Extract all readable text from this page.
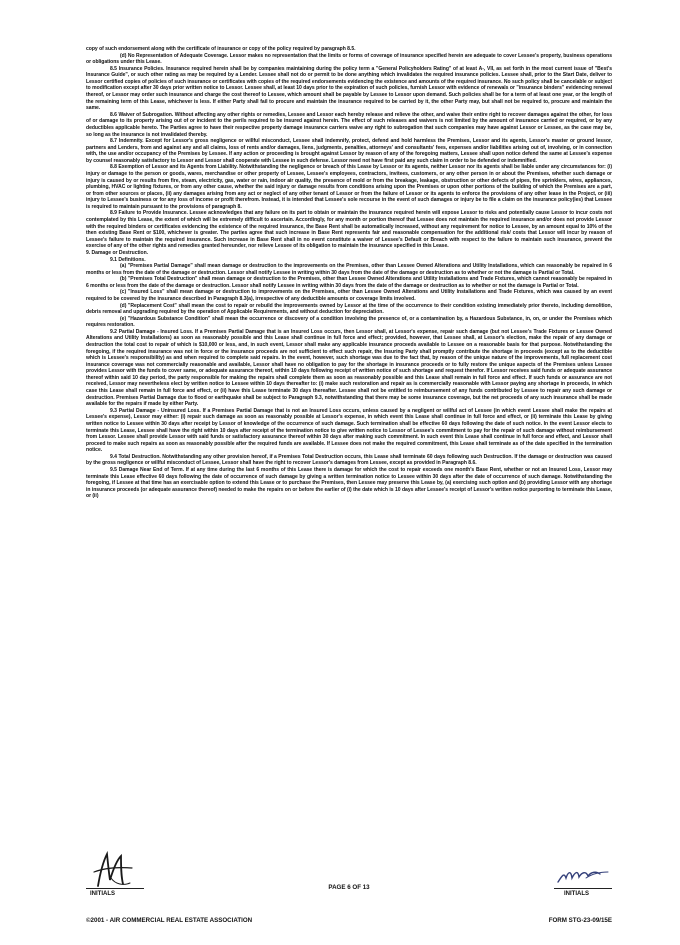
copy of such endorsement along with the certificate of insurance or copy of the policy required by paragraph 8.5.

(d) No Representation of Adequate Coverage. Lessor makes no representation that the limits or forms of coverage of insurance specified herein are adequate to cover Lessee's property, business operations or obligations under this Lease.

8.5 Insurance Policies. Insurance required herein shall be by companies maintaining during the policy term a "General Policyholders Rating" of at least A-, VII, as set forth in the most current issue of "Best's Insurance Guide", or such other rating as may be required by a Lender. Lessee shall not do or permit to be done anything which invalidates the required insurance policies. Lessee shall, prior to the Start Date, deliver to Lessor certified copies of policies of such insurance or certificates with copies of the required endorsements evidencing the existence and amounts of the required insurance. No such policy shall be cancelable or subject to modification except after 30 days prior written notice to Lessor. Lessee shall, at least 10 days prior to the expiration of such policies, furnish Lessor with evidence of renewals or "insurance binders" evidencing renewal thereof, or Lessor may order such insurance and charge the cost thereof to Lessee, which amount shall be payable by Lessee to Lessor upon demand. Such policies shall be for a term of at least one year, or the length of the remaining term of this Lease, whichever is less. If either Party shall fail to procure and maintain the insurance required to be carried by it, the other Party may, but shall not be required to, procure and maintain the same.

8.6 Waiver of Subrogation. Without affecting any other rights or remedies, Lessee and Lessor each hereby release and relieve the other, and waive their entire right to recover damages against the other, for loss of or damage to its property arising out of or incident to the perils required to be insured against herein. The effect of such releases and waivers is not limited by the amount of insurance carried or required, or by any deductibles applicable hereto. The Parties agree to have their respective property damage insurance carriers waive any right to subrogation that such companies may have against Lessor or Lessee, as the case may be, so long as the insurance is not invalidated thereby.

8.7 Indemnity. Except for Lessor's gross negligence or willful misconduct, Lessee shall indemnify, protect, defend and hold harmless the Premises, Lessor and its agents, Lessor's master or ground lessor, partners and Lenders, from and against any and all claims, loss of rents and/or damages, liens, judgments, penalties, attorneys' and consultants' fees, expenses and/or liabilities arising out of, involving, or in connection with, the use and/or occupancy of the Premises by Lessee. If any action or proceeding is brought against Lessor by reason of any of the foregoing matters, Lessee shall upon notice defend the same at Lessee's expense by counsel reasonably satisfactory to Lessor and Lessor shall cooperate with Lessee in such defense. Lessor need not have first paid any such claim in order to be defended or indemnified.

8.8 Exemption of Lessor and its Agents from Liability. Notwithstanding the negligence or breach of this Lease by Lessor or its agents, neither Lessor nor its agents shall be liable under any circumstances for: (i) injury or damage to the person or goods, wares, merchandise or other property of Lessee, Lessee's employees, contractors, invitees, customers, or any other person in or about the Premises, whether such damage or injury is caused by or results from fire, steam, electricity, gas, water or rain, indoor air quality, the presence of mold or from the breakage, leakage, obstruction or other defects of pipes, fire sprinklers, wires, appliances, plumbing, HVAC or lighting fixtures, or from any other cause, whether the said injury or damage results from conditions arising upon the Premises or upon other portions of the building of which the Premises are a part, or from other sources or places, (ii) any damages arising from any act or neglect of any other tenant of Lessor or from the failure of Lessor or its agents to enforce the provisions of any other lease in the Project, or (iii) injury to Lessee's business or for any loss of income or profit therefrom. Instead, it is intended that Lessee's sole recourse in the event of such damages or injury be to file a claim on the insurance policy(ies) that Lessee is required to maintain pursuant to the provisions of paragraph 8.

8.9 Failure to Provide Insurance. Lessee acknowledges that any failure on its part to obtain or maintain the insurance required herein will expose Lessor to risks and potentially cause Lessor to incur costs not contemplated by this Lease, the extent of which will be extremely difficult to ascertain. Accordingly, for any month or portion thereof that Lessee does not maintain the required insurance and/or does not provide Lessor with the required binders or certificates evidencing the existence of the required insurance, the Base Rent shall be automatically increased, without any requirement for notice to Lessee, by an amount equal to 10% of the then existing Base Rent or $100, whichever is greater. The parties agree that such increase in Base Rent represents fair and reasonable compensation for the additional risk/ costs that Lessor will incur by reason of Lessee's failure to maintain the required insurance. Such increase in Base Rent shall in no event constitute a waiver of Lessee's Default or Breach with respect to the failure to maintain such insurance, prevent the exercise of any of the other rights and remedies granted hereunder, nor relieve Lessee of its obligation to maintain the insurance specified in this Lease.

9. Damage or Destruction.

9.1 Definitions.

(a) "Premises Partial Damage" shall mean damage or destruction to the improvements on the Premises, other than Lessee Owned Alterations and Utility Installations, which can reasonably be repaired in 6 months or less from the date of the damage or destruction. Lessor shall notify Lessee in writing within 30 days from the date of the damage or destruction as to whether or not the damage is Partial or Total.

(b) "Premises Total Destruction" shall mean damage or destruction to the Premises, other than Lessee Owned Alterations and Utility Installations and Trade Fixtures, which cannot reasonably be repaired in 6 months or less from the date of the damage or destruction. Lessor shall notify Lessee in writing within 30 days from the date of the damage or destruction as to whether or not the damage is Partial or Total.

(c) "Insured Loss" shall mean damage or destruction to improvements on the Premises, other than Lessee Owned Alterations and Utility Installations and Trade Fixtures, which was caused by an event required to be covered by the insurance described in Paragraph 8.3(a), irrespective of any deductible amounts or coverage limits involved.

(d) "Replacement Cost" shall mean the cost to repair or rebuild the improvements owned by Lessor at the time of the occurrence to their condition existing immediately prior thereto, including demolition, debris removal and upgrading required by the operation of Applicable Requirements, and without deduction for depreciation.

(e) "Hazardous Substance Condition" shall mean the occurrence or discovery of a condition involving the presence of, or a contamination by, a Hazardous Substance, in, on, or under the Premises which requires restoration.

9.2 Partial Damage - Insured Loss. If a Premises Partial Damage that is an Insured Loss occurs, then Lessor shall, at Lessor's expense, repair such damage (but not Lessee's Trade Fixtures or Lessee Owned Alterations and Utility Installations) as soon as reasonably possible and this Lease shall continue in full force and effect; provided, however, that Lessee shall, at Lessor's election, make the repair of any damage or destruction the total cost to repair of which is $10,000 or less, and, in such event, Lessor shall make any applicable insurance proceeds available to Lessee on a reasonable basis for that purpose. Notwithstanding the foregoing, if the required insurance was not in force or the insurance proceeds are not sufficient to effect such repair, the Insuring Party shall promptly contribute the shortage in proceeds (except as to the deductible which is Lessee's responsibility) as and when required to complete said repairs. In the event, however, such shortage was due to the fact that, by reason of the unique nature of the improvements, full replacement cost insurance coverage was not commercially reasonable and available, Lessor shall have no obligation to pay for the shortage in insurance proceeds or to fully restore the unique aspects of the Premises unless Lessee provides Lessor with the funds to cover same, or adequate assurance thereof, within 10 days following receipt of written notice of such shortage and request therefor. If Lessor receives said funds or adequate assurance thereof within said 10 day period, the party responsible for making the repairs shall complete them as soon as reasonably possible and this Lease shall remain in full force and effect. If such funds or assurance are not received, Lessor may nevertheless elect by written notice to Lessee within 10 days thereafter to: (i) make such restoration and repair as is commercially reasonable with Lessor paying any shortage in proceeds, in which case this Lease shall remain in full force and effect, or (ii) have this Lease terminate 30 days thereafter. Lessee shall not be entitled to reimbursement of any funds contributed by Lessee to repair any such damage or destruction. Premises Partial Damage due to flood or earthquake shall be subject to Paragraph 9.3, notwithstanding that there may be some insurance coverage, but the net proceeds of any such insurance shall be made available for the repairs if made by either Party.

9.3 Partial Damage - Uninsured Loss. If a Premises Partial Damage that is not an Insured Loss occurs, unless caused by a negligent or willful act of Lessee (in which event Lessee shall make the repairs at Lessee's expense), Lessor may either: (i) repair such damage as soon as reasonably possible at Lessor's expense, in which event this Lease shall continue in full force and effect, or (ii) terminate this Lease by giving written notice to Lessee within 30 days after receipt by Lessor of knowledge of the occurrence of such damage. Such termination shall be effective 60 days following the date of such notice. In the event Lessor elects to terminate this Lease, Lessee shall have the right within 10 days after receipt of the termination notice to give written notice to Lessor of Lessee's commitment to pay for the repair of such damage without reimbursement from Lessor. Lessee shall provide Lessor with said funds or satisfactory assurance thereof within 30 days after making such commitment. In such event this Lease shall continue in full force and effect, and Lessor shall proceed to make such repairs as soon as reasonably possible after the required funds are available. If Lessee does not make the required commitment, this Lease shall terminate as of the date specified in the termination notice.

9.4 Total Destruction. Notwithstanding any other provision hereof, if a Premises Total Destruction occurs, this Lease shall terminate 60 days following such Destruction. If the damage or destruction was caused by the gross negligence or willful misconduct of Lessee, Lessor shall have the right to recover Lessor's damages from Lessee, except as provided in Paragraph 8.6.

9.5 Damage Near End of Term. If at any time during the last 6 months of this Lease there is damage for which the cost to repair exceeds one month's Base Rent, whether or not an Insured Loss, Lessor may terminate this Lease effective 60 days following the date of occurrence of such damage by giving a written termination notice to Lessee within 30 days after the date of occurrence of such damage. Notwithstanding the foregoing, if Lessee at that time has an exercisable option to extend this Lease or to purchase the Premises, then Lessee may preserve this Lease by, (a) exercising such option and (b) providing Lessor with any shortage in insurance proceeds (or adequate assurance thereof) needed to make the repairs on or before the earlier of (i) the date which is 10 days after Lessee's receipt of Lessor's written notice purporting to terminate this Lease, or (ii)

INITIALS
PAGE 6 OF 13
INITIALS
©2001 - AIR COMMERCIAL REAL ESTATE ASSOCIATION	FORM STG-23-09/15E
